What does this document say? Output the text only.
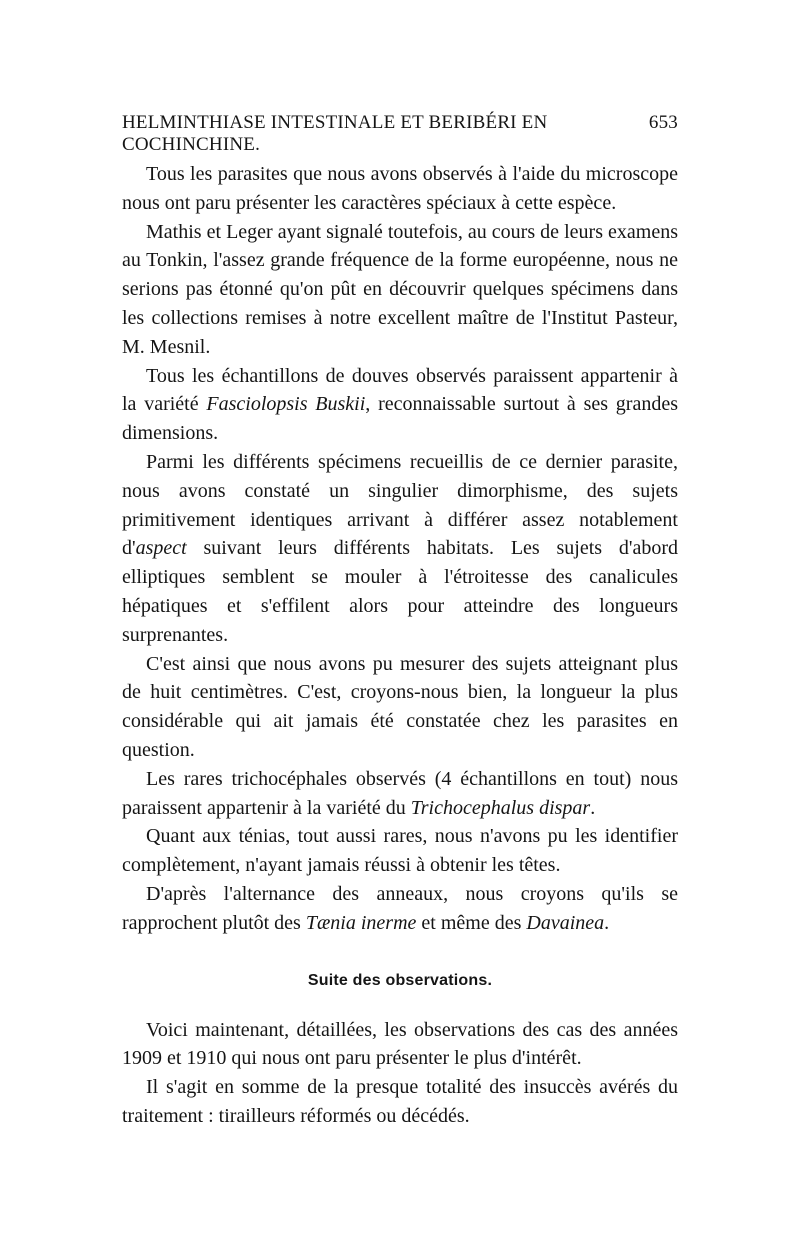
HELMINTHIASE INTESTINALE ET BERIBÉRI EN COCHINCHINE.
653

Tous les parasites que nous avons observés à l'aide du microscope nous ont paru présenter les caractères spéciaux à cette espèce.

Mathis et Leger ayant signalé toutefois, au cours de leurs examens au Tonkin, l'assez grande fréquence de la forme européenne, nous ne serions pas étonné qu'on pût en découvrir quelques spécimens dans les collections remises à notre excellent maître de l'Institut Pasteur, M. Mesnil.

Tous les échantillons de douves observés paraissent appartenir à la variété Fasciolopsis Buskii, reconnaissable surtout à ses grandes dimensions.

Parmi les différents spécimens recueillis de ce dernier parasite, nous avons constaté un singulier dimorphisme, des sujets primitivement identiques arrivant à différer assez notablement d'aspect suivant leurs différents habitats. Les sujets d'abord elliptiques semblent se mouler à l'étroitesse des canalicules hépatiques et s'effilent alors pour atteindre des longueurs surprenantes.

C'est ainsi que nous avons pu mesurer des sujets atteignant plus de huit centimètres. C'est, croyons-nous bien, la longueur la plus considérable qui ait jamais été constatée chez les parasites en question.

Les rares trichocéphales observés (4 échantillons en tout) nous paraissent appartenir à la variété du Trichocephalus dispar.

Quant aux ténias, tout aussi rares, nous n'avons pu les identifier complètement, n'ayant jamais réussi à obtenir les têtes.

D'après l'alternance des anneaux, nous croyons qu'ils se rapprochent plutôt des Tænia inerme et même des Davainea.

Suite des observations.

Voici maintenant, détaillées, les observations des cas des années 1909 et 1910 qui nous ont paru présenter le plus d'intérêt.

Il s'agit en somme de la presque totalité des insuccès avérés du traitement : tirailleurs réformés ou décédés.
